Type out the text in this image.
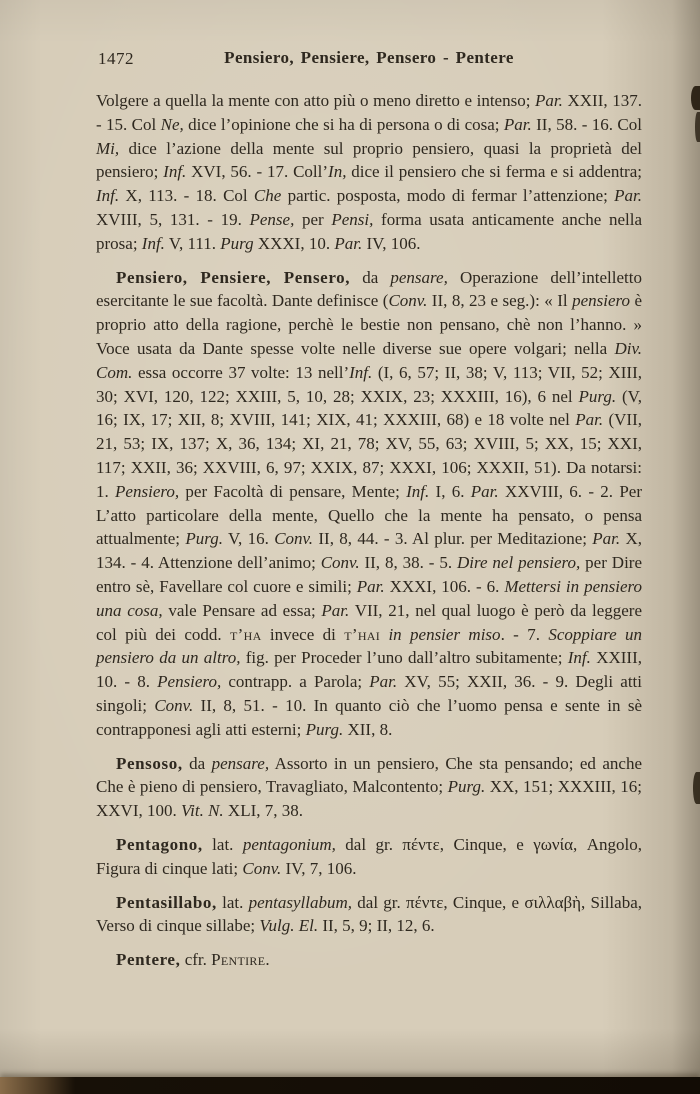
1472	Pensiero, Pensiere, Pensero - Pentere

Volgere a quella la mente con atto più o meno diretto e intenso; Par. XXII, 137. - 15. Col Ne, dice l’opinione che si ha di persona o di cosa; Par. II, 58. - 16. Col Mi, dice l’azione della mente sul proprio pensiero, quasi la proprietà del pensiero; Inf. XVI, 56. - 17. Coll’In, dice il pensiero che si ferma e si addentra; Inf. X, 113. - 18. Col Che partic. posposta, modo di fermar l’attenzione; Par. XVIII, 5, 131. - 19. Pense, per Pensi, forma usata anticamente anche nella prosa; Inf. V, 111. Purg XXXI, 10. Par. IV, 106.

Pensiero, Pensiere, Pensero, da pensare, Operazione dell’intelletto esercitante le sue facoltà. Dante definisce (Conv. II, 8, 23 e seg.): « Il pensiero è proprio atto della ragione, perchè le bestie non pensano, chè non l’hanno. » Voce usata da Dante spesse volte nelle diverse sue opere volgari; nella Div. Com. essa occorre 37 volte: 13 nell’Inf. (I, 6, 57; II, 38; V, 113; VII, 52; XIII, 30; XVI, 120, 122; XXIII, 5, 10, 28; XXIX, 23; XXXIII, 16), 6 nel Purg. (V, 16; IX, 17; XII, 8; XVIII, 141; XIX, 41; XXXIII, 68) e 18 volte nel Par. (VII, 21, 53; IX, 137; X, 36, 134; XI, 21, 78; XV, 55, 63; XVIII, 5; XX, 15; XXI, 117; XXII, 36; XXVIII, 6, 97; XXIX, 87; XXXI, 106; XXXII, 51). Da notarsi: 1. Pensiero, per Facoltà di pensare, Mente; Inf. I, 6. Par. XXVIII, 6. - 2. Per L’atto particolare della mente, Quello che la mente ha pensato, o pensa attualmente; Purg. V, 16. Conv. II, 8, 44. - 3. Al plur. per Meditazione; Par. X, 134. - 4. Attenzione dell’animo; Conv. II, 8, 38. - 5. Dire nel pensiero, per Dire entro sè, Favellare col cuore e simili; Par. XXXI, 106. - 6. Mettersi in pensiero una cosa, vale Pensare ad essa; Par. VII, 21, nel qual luogo è però da leggere col più dei codd. t’ha invece di t’hai in pensier miso. - 7. Scoppiare un pensiero da un altro, fig. per Proceder l’uno dall’altro subitamente; Inf. XXIII, 10. - 8. Pensiero, contrapp. a Parola; Par. XV, 55; XXII, 36. - 9. Degli atti singoli; Conv. II, 8, 51. - 10. In quanto ciò che l’uomo pensa e sente in sè contrapponesi agli atti esterni; Purg. XII, 8.

Pensoso, da pensare, Assorto in un pensiero, Che sta pensando; ed anche Che è pieno di pensiero, Travagliato, Malcontento; Purg. XX, 151; XXXIII, 16; XXVI, 100. Vit. N. XLI, 7, 38.

Pentagono, lat. pentagonium, dal gr. πέντε, Cinque, e γωνία, Angolo, Figura di cinque lati; Conv. IV, 7, 106.

Pentasillabo, lat. pentasyllabum, dal gr. πέντε, Cinque, e σιλλαβὴ, Sillaba, Verso di cinque sillabe; Vulg. El. II, 5, 9; II, 12, 6.

Pentere, cfr. Pentire.
